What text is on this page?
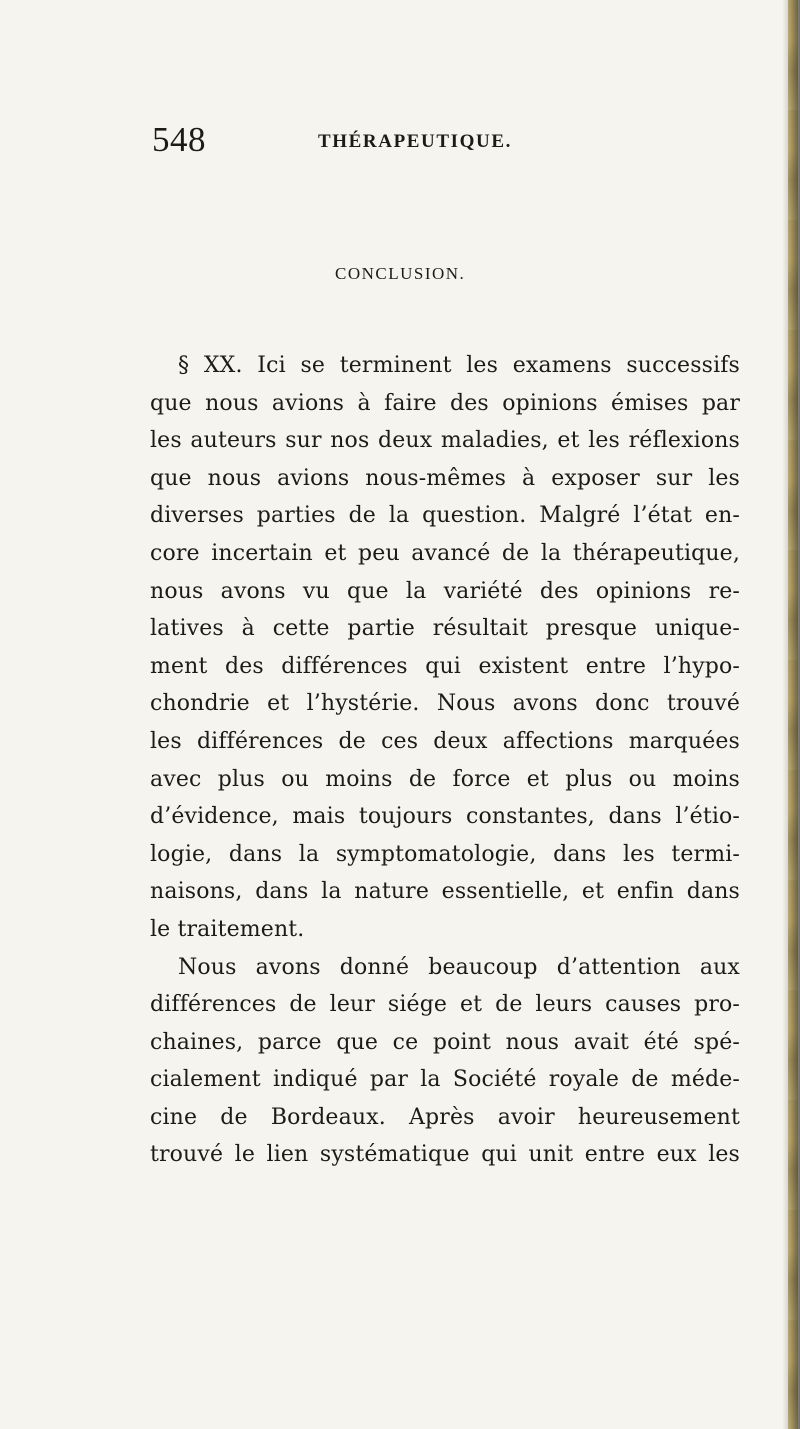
548	THÉRAPEUTIQUE.
CONCLUSION.
§ XX. Ici se terminent les examens successifs
que nous avions à faire des opinions émises par
les auteurs sur nos deux maladies, et les réflexions
que nous avions nous-mêmes à exposer sur les
diverses parties de la question. Malgré l’état en-
core incertain et peu avancé de la thérapeutique,
nous avons vu que la variété des opinions re-
latives à cette partie résultait presque unique-
ment des différences qui existent entre l’hypo-
chondrie et l’hystérie. Nous avons donc trouvé
les différences de ces deux affections marquées
avec plus ou moins de force et plus ou moins
d’évidence, mais toujours constantes, dans l’étio-
logie, dans la symptomatologie, dans les termi-
naisons, dans la nature essentielle, et enfin dans
le traitement.
Nous avons donné beaucoup d’attention aux
différences de leur siége et de leurs causes pro-
chaines, parce que ce point nous avait été spé-
cialement indiqué par la Société royale de méde-
cine de Bordeaux. Après avoir heureusement
trouvé le lien systématique qui unit entre eux les
